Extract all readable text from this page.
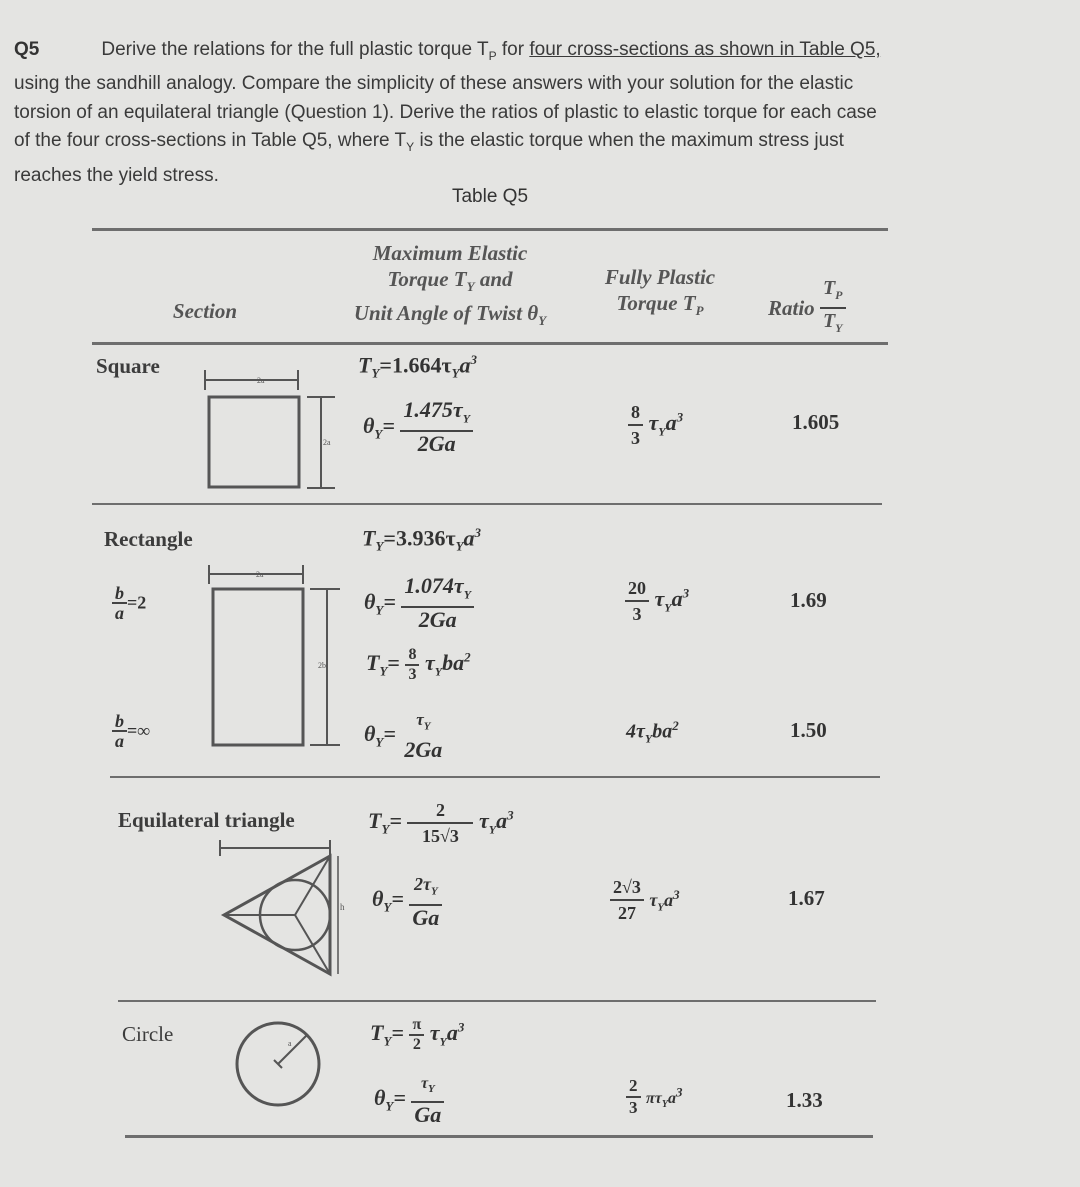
Q5	Derive the relations for the full plastic torque $T_P$ for four cross-sections as shown in Table Q5,
using the sandhill analogy. Compare the simplicity of these answers with your solution for the elastic
torsion of an equilateral triangle (Question 1). Derive the ratios of plastic to elastic torque for each case
of the four cross-sections in Table Q5, where $T_Y$ is the elastic torque when the maximum stress just
reaches the yield stress.
Table Q5
Section
Maximum Elastic
Torque $T_Y$ and
Unit Angle of Twist $\theta_Y$
Fully Plastic
Torque $T_P$	Ratio $\frac{T_P}{T_Y}$
Square
2a
2a
$T_Y=1.664\tau_Ya^3$
$\theta_Y= \frac{1.475\tau_Y}{2Ga}$	$\frac{8}{3} \tau_Ya^3$	1.605
Rectangle
2a
2b
$\frac{b}{a} =2$
$\frac{b}{a}$ =∞
$T_Y=3.936\tau_Ya^3$
$\theta_Y= \frac{1.074\tau_Y}{2Ga}$	$\frac{20}{3} \tau_Ya^3$	1.69
$T_Y= \frac{8}{3} \tau_Yba^2$
$\theta_Y=$
$\tau_Y$
2Ga
$4\tau_Yba^2$	1.50
Equilateral triangle
h
$T_Y= \frac{2}{15√3} \tau_Ya^3$
$\theta_Y= \frac{2\tau_Y}{Ga}$	$\frac{2√3}{27} \tau_Ya^3$	1.67
Circle	a	$T_Y= \frac{\pi}{2} \tau_Ya^3$
$\theta_Y= \frac{\tau_Y}{Ga}$	$\frac{2}{3} \pi\tau_Ya^3$	1.33
